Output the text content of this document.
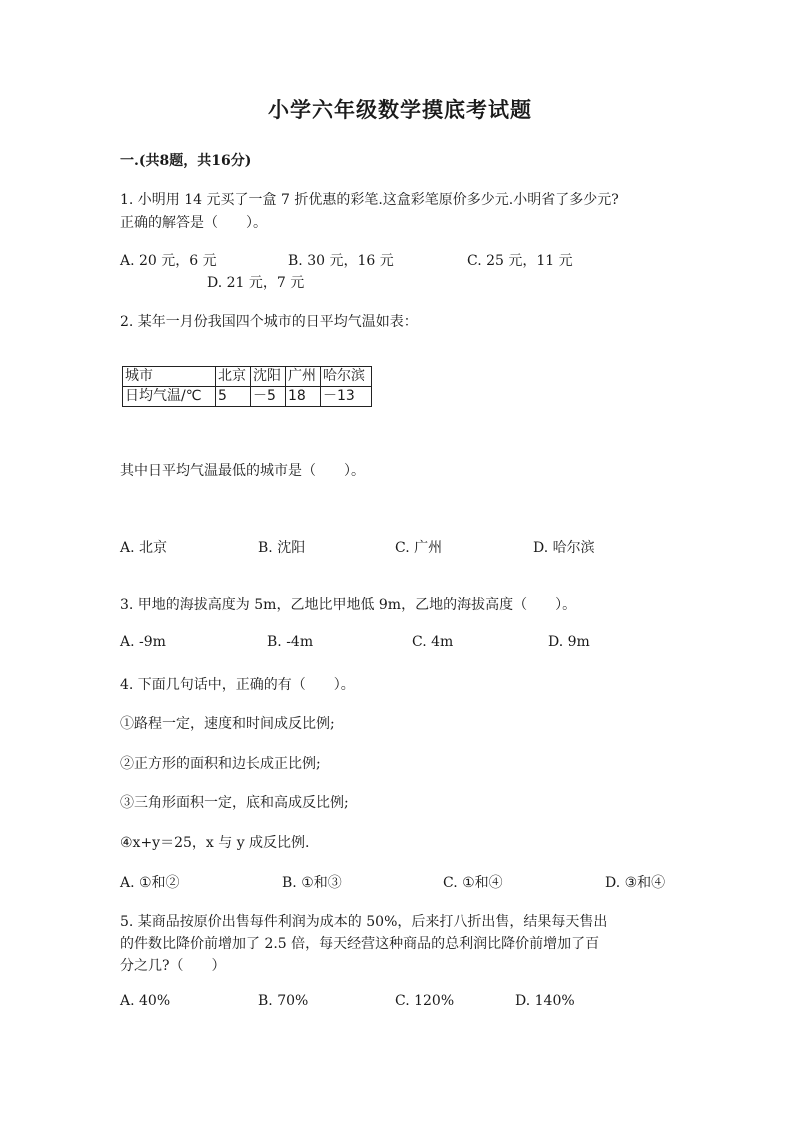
小学六年级数学摸底考试题
一.(共8题，共16分)
1. 小明用 14 元买了一盒 7 折优惠的彩笔.这盒彩笔原价多少元.小明省了多少元?
正确的解答是（　　）。
A. 20 元，6 元	B. 30 元，16 元	C. 25 元，11 元
D. 21 元，7 元
2. 某年一月份我国四个城市的日平均气温如表：
城市	北京	沈阳	广州	哈尔滨
日均气温/℃	5	－5	18	－13
其中日平均气温最低的城市是（　　）。
A. 北京	B. 沈阳	C. 广州	D. 哈尔滨
3. 甲地的海拔高度为 5m，乙地比甲地低 9m，乙地的海拔高度（　　）。
A. -9m	B. -4m	C. 4m	D. 9m
4. 下面几句话中，正确的有（　　）。
①路程一定，速度和时间成反比例;
②正方形的面积和边长成正比例;
③三角形面积一定，底和高成反比例;
④x+y＝25，x 与 y 成反比例.
A. ①和②	B. ①和③	C. ①和④	D. ③和④
5. 某商品按原价出售每件利润为成本的 50%，后来打八折出售，结果每天售出
的件数比降价前增加了 2.5 倍，每天经营这种商品的总利润比降价前增加了百
分之几?（　　）
A. 40%	B. 70%	C. 120%	D. 140%
